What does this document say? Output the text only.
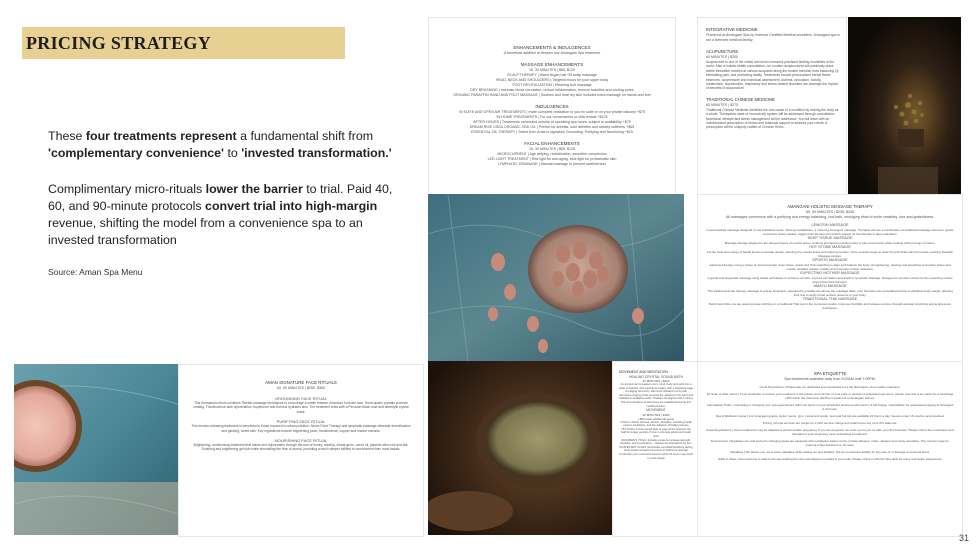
PRICING STRATEGY
These four treatments represent a fundamental shift from 'complementary convenience' to 'invested transformation.'
Complimentary micro-rituals lower the barrier to trial. Paid 40, 60, and 90-minute protocols convert trial into high-margin revenue, shifting the model from a convenience spa to an invested transformation
Source: Aman Spa Menu
ENHANCEMENTS & INDULGENCES
A beneficial addition to deepen any Amangani Spa treatment
MASSAGE ENHANCEMENTS
15, 30 MINUTES | $65, $120
SCALP THERAPY | Warm Argan hair Oil scalp massage
HEAD, NECK AND SHOULDERS | Targeted focus for your upper body
FOOT REVITALIZATION | Relaxing foot massage
DRY BRUSHING | Increase blood circulation, reduce inflammation, remove toxicities and circling pores
ORGANIC PARAFFIN HAND AND FOOT MASSAGE | Soothes and heal dry skin includes extra massage on hands and feet
INDULGENCES
IN SUITE AND OPEN AIR TREATMENTS | Invite complete relaxation to you en suite or on your private balcony +$75
IN-HOME TREATMENTS | For our homeowners or villa rentals +$125
AFTER HOURS | Treatments scheduled outside of operating spa hours, subject to availability +$75
DREAM RISE USDA ORGANIC CBD OIL | Perfect for arthritis, sore athletes and anxiety sufferers +$55
ESSENTIAL OIL THERAPY | Select from Aman's signature Grounding, Purifying and Nourishing +$15
FACIAL ENHANCEMENTS
15, 30 MINUTES | $55, $125
MICROCURRENT | Age defying, revitalization, smoother complexion
LED LIGHT TREATMENT | Red light for anti-aging, blue light for problematic skin
LYMPHATIC DRAINAGE | Manual massage to prevent swelliveness
INTEGRATIVE MEDICINE
Practiced at Amangani Spa by external Certified Medical providers. Amangani spa is not a licensed medical facility.
ACUPUNCTURE
60 MINUTES | $300
Acupuncture is one of the oldest and most commonly practiced healing modalities in the world. After a holistic health consultation, our modern acupuncturist will painlessly place sterile threadlike needles at various acupoints along the bodies meridian lines balancing Qi, eliminating pain, and promoting vitality. Treatments include personalized herbal flower essences, acupressure and individual assessment. Asthma, circulation, toxicity, metabolism, reproduction, respiratory and stress-related disorders are amongst the myriad of benefits of acupuncture.
TRADITIONAL CHINESE MEDICINE
60 MINUTES | $275
Traditional Chinese Medicine identifies the root cause of a condition by looking the body as a whole. Therapeutic state of excessively system will be addressed through consultation. Nutritional, lifestyle and stress management will be addressed. You will leave with an individualized prescription of herbal and botanical support to address your needs. A prescription will be uniquely crafted of Chinese Herbs.
AMANGANI HOLISTIC MASSAGE THERAPY
60, 90 MINUTES | $235, $345
All massages commence with a purifying and energy balancing, foot bath, smudging ritual to invite creativity, love and gratefulness.
LEMOSIN MASSAGE
A personalized massage designed to suit individual needs, infusing revitalization, a nurturing Amangani massage. Therapist will use a combination of traditional massage elements, gentle connective tissue release, trigger point therapy and stretch release for the ultimate in deep relaxation.
DEEP TISSUE MASSAGE
Massage therapy targeted to the deepest layers of muscle tissue, tendons and fascia providing relief of pain and tension while creating further range of motion.
HOT STONE MASSAGE
Let the heat and energy of basalt stones penetrate deeply, warming the muscle tissue and relieving tension. Once muscles begin to relax the technician will incorporate soothing Swedish Massage strokes.
SPORTS MASSAGE
Advanced therapy using a fusion of neuromuscular, deep tissue, assist and Thai stretching to align and balance the body, strengthening, relaxing and stretching connective tissue and muscle. Enables greater mobility and promotes muscle relaxation.
EXPECTING MOTHER MASSAGE
A gentle and supported massage using tested techniques to enhance comfort, improve circulation and assist in lymphatic drainage. Designed to provide comfort for the expecting mother beyond her third trimester.
AMAYU MASSAGE
This traditional Aman therapy massage is a deep bodywork, supported by parallel two-above-the-massage table, your therapist uses gravitational force to distribute body weight, allowing their feet to apply broad surface pressure to your body.
TRADITIONAL THAI MASSAGE
Performed while you are wearing loose clothing on a traditional Thai mat in the movement studio. Improves flexibility and releases tension through assisted stretching and acupressure techniques.
AMAN SIGNATURE FACE RITUALS
60, 90 MINUTES | $250, $360
GROUNDING FACE RITUAL
This therapeutic ritual combines Tibetan massage techniques to encourage a subtle release of tension from the face. Rose quartz crystals promote healing. Frankincense aids rejuvenation, bupleurum and borneol hydrates skin. The treatment ends with a Peruvian black mud and amethyst crystal mask.
PURIFYING FACE RITUAL
This tension-releasing treatment is beneficial to those exposed to urban pollution. Nerve Point Therapy and lymphatic massage stimulate detoxification and glowing, toned skin. Key ingredients include brightening pearl, frankincense, copper and marine extracts.
NOURISHING FACE RITUAL
Brightening, moisturizing treatment that calms and rejuvenates through the use of honey, rosehip, wheat germ, carrot oil, jasmine stem cell and silk. Soothing and brightening gel skin while stimulating the flow of aroma, providing a much deeper fulfilled to nourishment than most facials.
MOVEMENT AND MEDITATION
HEALING CRYSTAL SOUND BATH
60 MINUTES | $200
An ancient tool to awaken one's mind, body and spirit into a state of balance, this experience begins with a cleansing sage smudging ceremony. Harmonic vibrations of Crystal Gemstone singing bowls promote the quieting of the mind and facilitate a meditative state. Chakras are aligned with a tuning fork and intentions of well-being are established during this mindful practice.
MOVEMENT
60 MINUTES | $180
+$45 each additional guest
YOGA | A Hindu spiritual, ascetic, discipline, including breath control, meditation, and the adoption of bodily postures
YIN YOGA | A slow-paced style of yoga which postures are held for longer periods of time to promote advanced breath work
CHILDREN'S YOGA | Includes poses to increase strength, flexibility, and coordination – classes are intended to be fun!
PILATES MAT CLASS | Emphasis controlled breathing during body weight resisted movement to build core strength
Customize your movement session within 24 hours may result in a full charge
SPA ETIQUETTE
Spa treatments available daily from 9:00AM until 7:00PM.
Covid Precautions | Please ask our dedicated spa coordinator for a full description of our safety measures.
En Suite or After Hours | If you would like to receive your treatment in the privacy and comfort of your suite or outside of scheduled spa hours, please note this is an option for a surcharge +$75 within the hotel and +$125 per treatment at Amangani Homes.
Cancellation Policy | Canceling or changing your spa appointment within six hours of your scheduled treatment will result in a full charge. Cancellation for guaranteed staying at Amangani is 24 hours.
Spa & Wellness Center | For Amangani guests, locker rooms, gym, movement studio, pool and hot tub are available 24 hours a day. Guests under 16 must be accompanied.
Pricing | All spa services are subject to a 22% service charge and retail items may incur 6% sales tax.
Expecting Mothers | Some treatments may be adapted to accommodate pregnancy. If you are pregnant, we invite you to join us after your first trimester. Please inform the coordinator and therapist of your pregnancy upon scheduling a treatment.
Environment | Separate men and women's changing areas are equipped with eucalyptus steam rooms, private showers, robes, slippers and vanity amenities. The minimum age for entering a Spa treatment is 16 years.
Valuables | We advise you not to wear valuables while visiting our spa facilities. We do not assume liability for any loss of or damage to personal items.
What to Wear | Feel welcome to walk to the spa wearing the robe and slippers provided in your suite. Please check in with the Spa desk for a key and locker assignment.
31
